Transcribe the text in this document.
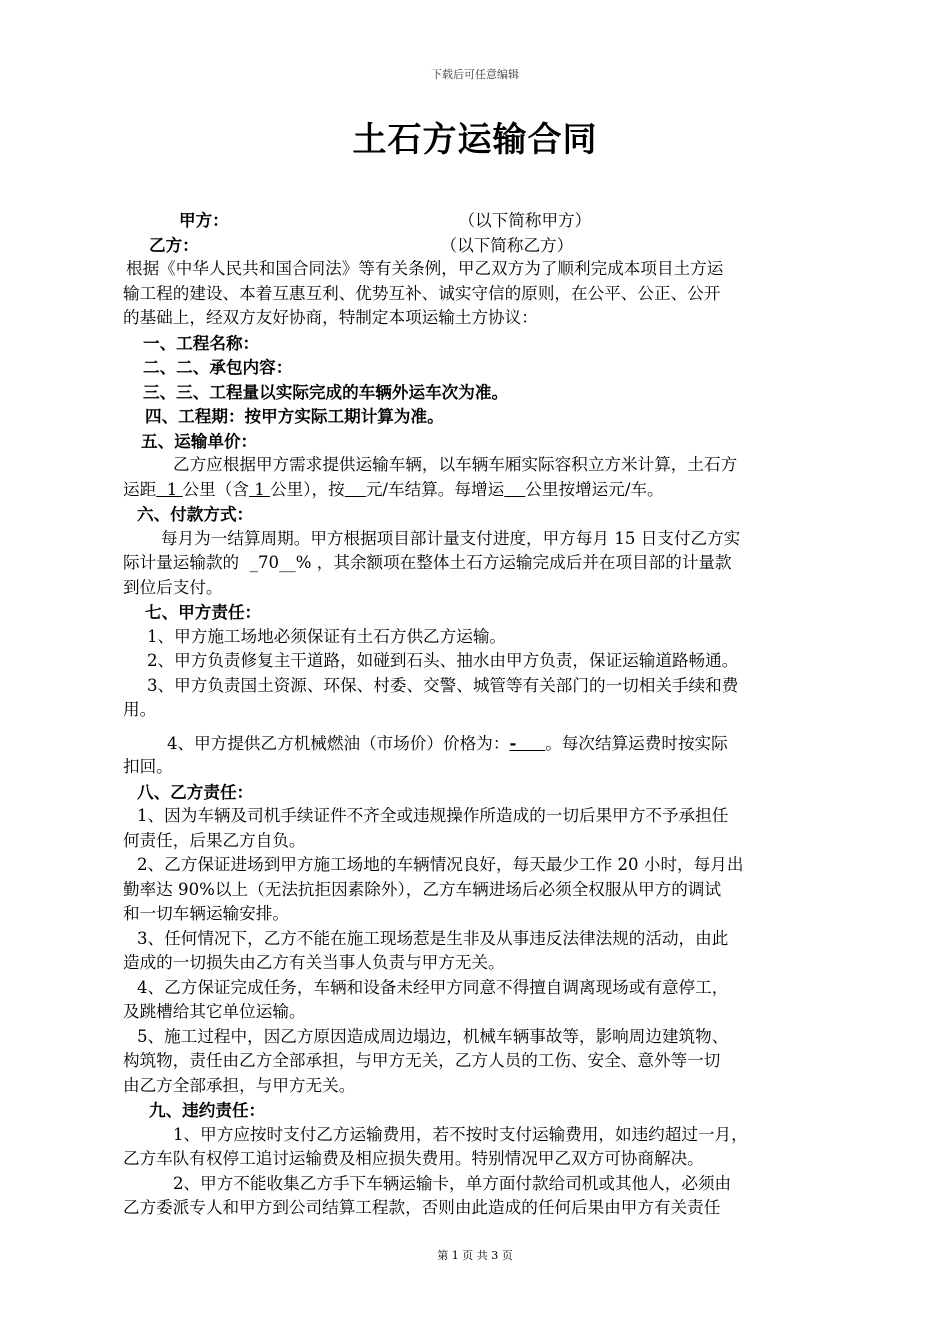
下载后可任意编辑
土石方运输合同
甲方：	（以下简称甲方）
乙方：	（以下简称乙方）
根据《中华人民共和国合同法》等有关条例，甲乙双方为了顺利完成本项目土方运
输工程的建设、本着互惠互利、优势互补、诚实守信的原则，在公平、公正、公开
的基础上，经双方友好协商，特制定本项运输土方协议：
一、工程名称：
二、二、承包内容：
三、三、工程量以实际完成的车辆外运车次为准。
四、工程期：按甲方实际工期计算为准。
五、运输单价：
乙方应根据甲方需求提供运输车辆，以车辆车厢实际容积立方米计算，土石方
运距  1 公里（含 1 公里），按 元/车结算。每增运 公里按增运元/车。
六、付款方式：
每月为一结算周期。甲方根据项目部计量支付进度，甲方每月 15 日支付乙方实
际计量运输款的  _70__% ，其余额项在整体土石方运输完成后并在项目部的计量款
到位后支付。
七、甲方责任：
1、甲方施工场地必须保证有土石方供乙方运输。
2、甲方负责修复主干道路，如碰到石头、抽水由甲方负责，保证运输道路畅通。
3、甲方负责国土资源、环保、村委、交警、城管等有关部门的一切相关手续和费
用。
4、甲方提供乙方机械燃油（市场价）价格为：-     。每次结算运费时按实际
扣回。
八、乙方责任：
1、因为车辆及司机手续证件不齐全或违规操作所造成的一切后果甲方不予承担任
何责任，后果乙方自负。
2、乙方保证进场到甲方施工场地的车辆情况良好，每天最少工作 20 小时，每月出
勤率达 90%以上（无法抗拒因素除外），乙方车辆进场后必须全权服从甲方的调试
和一切车辆运输安排。
3、任何情况下，乙方不能在施工现场惹是生非及从事违反法律法规的活动，由此
造成的一切损失由乙方有关当事人负责与甲方无关。
4、乙方保证完成任务，车辆和设备未经甲方同意不得擅自调离现场或有意停工，
及跳槽给其它单位运输。
5、施工过程中，因乙方原因造成周边塌边，机械车辆事故等，影响周边建筑物、
构筑物，责任由乙方全部承担，与甲方无关，乙方人员的工伤、安全、意外等一切
由乙方全部承担，与甲方无关。
九、违约责任：
1、甲方应按时支付乙方运输费用，若不按时支付运输费用，如违约超过一月，
乙方车队有权停工追讨运输费及相应损失费用。特别情况甲乙双方可协商解决。
2、甲方不能收集乙方手下车辆运输卡，单方面付款给司机或其他人，必须由
乙方委派专人和甲方到公司结算工程款，否则由此造成的任何后果由甲方有关责任
第 1 页 共 3 页
